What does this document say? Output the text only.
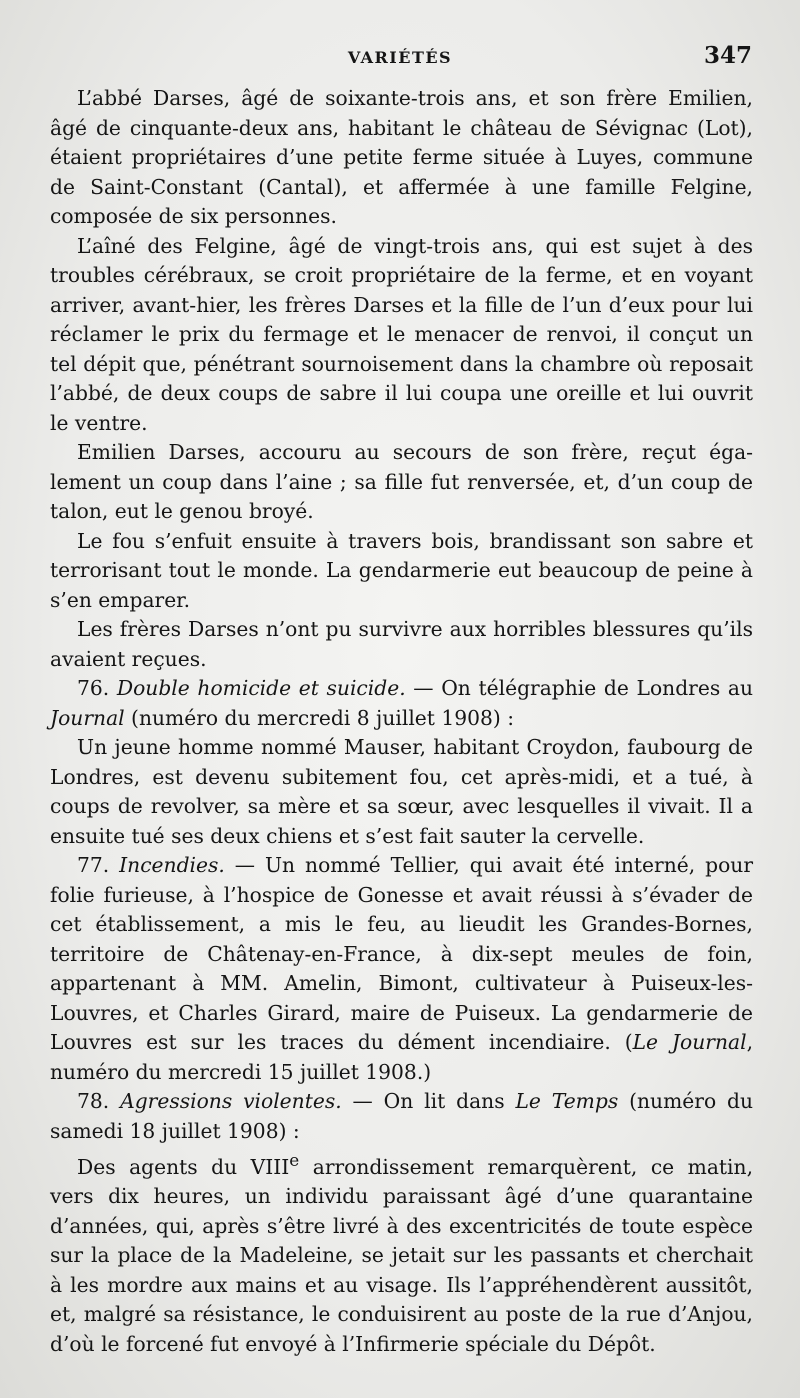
VARIÉTÉS	347

L’abbé Darses, âgé de soixante-trois ans, et son frère Emilien, âgé de cinquante-deux ans, habitant le château de Sévignac (Lot), étaient propriétaires d’une petite ferme située à Luyes, commune de Saint-Constant (Cantal), et affermée à une famille Felgine, composée de six personnes.

L’aîné des Felgine, âgé de vingt-trois ans, qui est sujet à des troubles cérébraux, se croit propriétaire de la ferme, et en voyant arriver, avant-hier, les frères Darses et la fille de l’un d’eux pour lui réclamer le prix du fermage et le menacer de renvoi, il conçut un tel dépit que, pénétrant sournoisement dans la chambre où reposait l’abbé, de deux coups de sabre il lui coupa une oreille et lui ouvrit le ventre.

Emilien Darses, accouru au secours de son frère, reçut également un coup dans l’aine ; sa fille fut renversée, et, d’un coup de talon, eut le genou broyé.

Le fou s’enfuit ensuite à travers bois, brandissant son sabre et terrorisant tout le monde. La gendarmerie eut beaucoup de peine à s’en emparer.

Les frères Darses n’ont pu survivre aux horribles blessures qu’ils avaient reçues.

76. Double homicide et suicide. — On télégraphie de Londres au Journal (numéro du mercredi 8 juillet 1908) :

Un jeune homme nommé Mauser, habitant Croydon, faubourg de Londres, est devenu subitement fou, cet après-midi, et a tué, à coups de revolver, sa mère et sa sœur, avec lesquelles il vivait. Il a ensuite tué ses deux chiens et s’est fait sauter la cervelle.

77. Incendies. — Un nommé Tellier, qui avait été interné, pour folie furieuse, à l’hospice de Gonesse et avait réussi à s’évader de cet établissement, a mis le feu, au lieudit les Grandes-Bornes, territoire de Châtenay-en-France, à dix-sept meules de foin, appartenant à MM. Amelin, Bimont, cultivateur à Puiseux-les-Louvres, et Charles Girard, maire de Puiseux. La gendarmerie de Louvres est sur les traces du dément incendiaire. (Le Journal, numéro du mercredi 15 juillet 1908.)

78. Agressions violentes. — On lit dans Le Temps (numéro du samedi 18 juillet 1908) :

Des agents du VIIIe arrondissement remarquèrent, ce matin, vers dix heures, un individu paraissant âgé d’une quarantaine d’années, qui, après s’être livré à des excentricités de toute espèce sur la place de la Madeleine, se jetait sur les passants et cherchait à les mordre aux mains et au visage. Ils l’appréhendèrent aussitôt, et, malgré sa résistance, le conduisirent au poste de la rue d’Anjou, d’où le forcené fut envoyé à l’Infirmerie spéciale du Dépôt.
